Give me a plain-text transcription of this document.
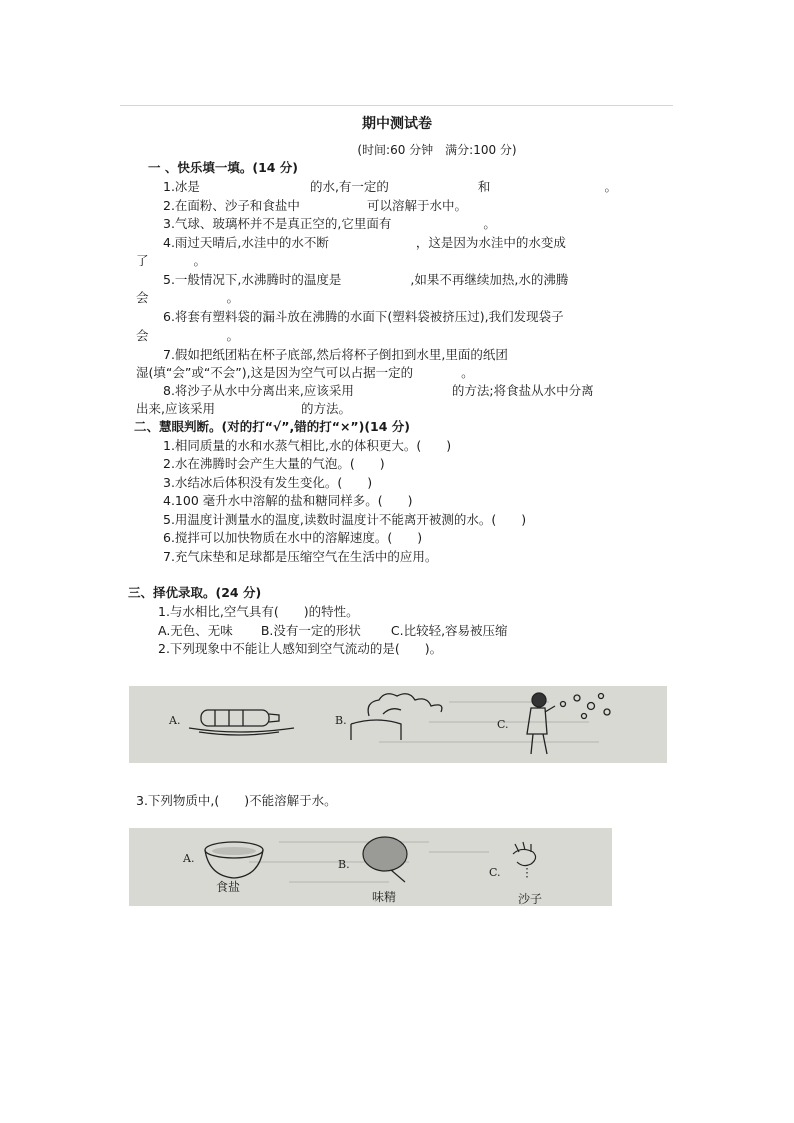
期中测试卷
(时间:60 分钟　满分:100 分)
一 、快乐填一填。(14 分)
1.冰是	的水,有一定的	和	。
2.在面粉、沙子和食盐中	可以溶解于水中。
3.气球、玻璃杯并不是真正空的,它里面有	。
4.雨过天晴后,水洼中的水不断	，这是因为水洼中的水变成
了	。
5.一般情况下,水沸腾时的温度是	,如果不再继续加热,水的沸腾
会	。
6.将套有塑料袋的漏斗放在沸腾的水面下(塑料袋被挤压过),我们发现袋子
会	。
7.假如把纸团粘在杯子底部,然后将杯子倒扣到水里,里面的纸团
湿(填“会”或“不会”),这是因为空气可以占据一定的	。
8.将沙子从水中分离出来,应该采用	的方法;将食盐从水中分离
出来,应该采用	的方法。
二、慧眼判断。(对的打“√”,错的打“×”)(14 分)
1.相同质量的水和水蒸气相比,水的体积更大。(　　)
2.水在沸腾时会产生大量的气泡。(　　)
3.水结冰后体积没有发生变化。(　　)
4.100 毫升水中溶解的盐和糖同样多。(　　)
5.用温度计测量水的温度,读数时温度计不能离开被测的水。(　　)
6.搅拌可以加快物质在水中的溶解速度。(　　)
7.充气床垫和足球都是压缩空气在生活中的应用。
三、择优录取。(24 分)
1.与水相比,空气具有(　　)的特性。
A.无色、无味 B.没有一定的形状 C.比较轻,容易被压缩
2.下列现象中不能让人感知到空气流动的是(　　)。
A.	B.	C.
3.下列物质中,(　　)不能溶解于水。
A.	B.
C.
食盐
味精	沙子
